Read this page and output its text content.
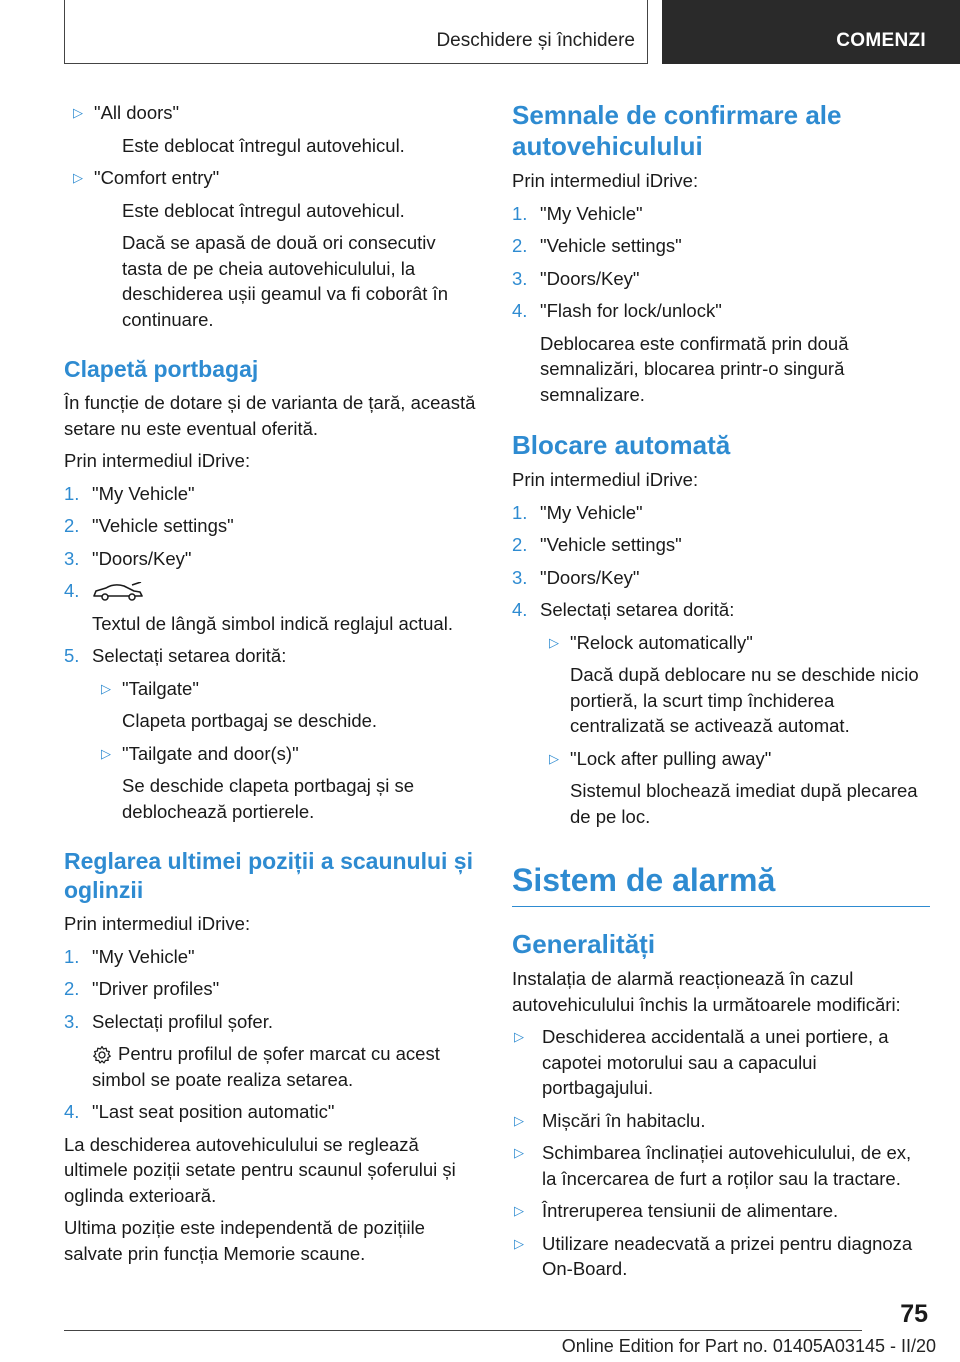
Deschidere și închidere	COMENZI
▷ "All doors"
Este deblocat întregul autovehicul.
▷ "Comfort entry"
Este deblocat întregul autovehicul.
Dacă se apasă de două ori consecutiv tasta de pe cheia autovehiculului, la deschiderea ușii geamul va fi coborât în continuare.
Clapetă portbagaj
În funcție de dotare și de varianta de țară, această setare nu este eventual oferită.
Prin intermediul iDrive:
1. "My Vehicle"
2. "Vehicle settings"
3. "Doors/Key"
4.
Textul de lângă simbol indică reglajul actual.
5. Selectați setarea dorită:
▷ "Tailgate"
Clapeta portbagaj se deschide.
▷ "Tailgate and door(s)"
Se deschide clapeta portbagaj și se deblochează portierele.
Reglarea ultimei poziții a scaunului și oglinzii
Prin intermediul iDrive:
1. "My Vehicle"
2. "Driver profiles"
3. Selectați profilul șofer.
Pentru profilul de șofer marcat cu acest simbol se poate realiza setarea.
4. "Last seat position automatic"
La deschiderea autovehiculului se reglează ultimele poziții setate pentru scaunul șoferului și oglinda exterioară.
Ultima poziție este independentă de pozițiile salvate prin funcția Memorie scaune.
Semnale de confirmare ale autovehiculului
Prin intermediul iDrive:
1. "My Vehicle"
2. "Vehicle settings"
3. "Doors/Key"
4. "Flash for lock/unlock"
Deblocarea este confirmată prin două semnalizări, blocarea printr-o singură semnalizare.
Blocare automată
Prin intermediul iDrive:
1. "My Vehicle"
2. "Vehicle settings"
3. "Doors/Key"
4. Selectați setarea dorită:
▷ "Relock automatically"
Dacă după deblocare nu se deschide nicio portieră, la scurt timp închiderea centralizată se activează automat.
▷ "Lock after pulling away"
Sistemul blochează imediat după plecarea de pe loc.
Sistem de alarmă
Generalități
Instalația de alarmă reacționează în cazul autovehiculului închis la următoarele modificări:
▷ Deschiderea accidentală a unei portiere, a capotei motorului sau a capacului portbagajului.
▷ Mișcări în habitaclu.
▷ Schimbarea înclinației autovehiculului, de ex, la încercarea de furt a roților sau la tractare.
▷ Întreruperea tensiunii de alimentare.
▷ Utilizare neadecvată a prizei pentru diagnoza On-Board.
75
Online Edition for Part no. 01405A03145 - II/20
